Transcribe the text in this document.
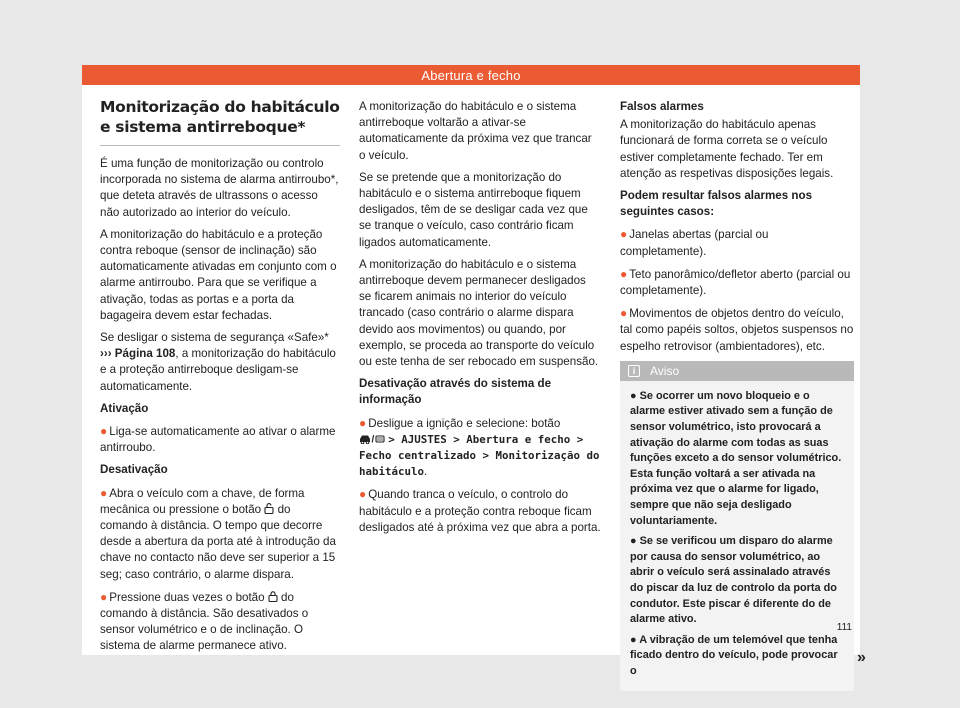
Abertura e fecho
Monitorização do habitáculo e sistema antirreboque*

É uma função de monitorização ou controlo incorporada no sistema de alarma antirroubo*, que deteta através de ultrassons o acesso não autorizado ao interior do veículo.

A monitorização do habitáculo e a proteção contra reboque (sensor de inclinação) são automaticamente ativadas em conjunto com o alarme antirroubo. Para que se verifique a ativação, todas as portas e a porta da bagageira devem estar fechadas.

Se desligar o sistema de segurança «Safe»* ››› Página 108, a monitorização do habitáculo e a proteção antirreboque desligam-se automaticamente.

Ativação

● Liga-se automaticamente ao ativar o alarme antirroubo.

Desativação

● Abra o veículo com a chave, de forma mecânica ou pressione o botão  do comando à distância. O tempo que decorre desde a abertura da porta até à introdução da chave no contacto não deve ser superior a 15 seg; caso contrário, o alarme dispara.

● Pressione duas vezes o botão  do comando à distância. São desativados o sensor volumétrico e o de inclinação. O sistema de alarme permanece ativo.

A monitorização do habitáculo e o sistema antirreboque voltarão a ativar-se automaticamente da próxima vez que trancar o veículo.

Se se pretende que a monitorização do habitáculo e o sistema antirreboque fiquem desligados, têm de se desligar cada vez que se tranque o veículo, caso contrário ficam ligados automaticamente.

A monitorização do habitáculo e o sistema antirreboque devem permanecer desligados se ficarem animais no interior do veículo trancado (caso contrário o alarme dispara devido aos movimentos) ou quando, por exemplo, se proceda ao transporte do veículo ou este tenha de ser rebocado em suspensão.

Desativação através do sistema de informação

● Desligue a ignição e selecione: botão

/ > AJUSTES > Abertura e fecho > Fecho centralizado > Monitorização do habitáculo.

● Quando tranca o veículo, o controlo do habitáculo e a proteção contra reboque ficam desligados até à próxima vez que abra a porta.

Falsos alarmes

A monitorização do habitáculo apenas funcionará de forma correta se o veículo estiver completamente fechado. Ter em atenção as respetivas disposições legais.

Podem resultar falsos alarmes nos seguintes casos:

● Janelas abertas (parcial ou completamente).

● Teto panorâmico/defletor aberto (parcial ou completamente).

● Movimentos de objetos dentro do veículo, tal como papéis soltos, objetos suspensos no espelho retrovisor (ambientadores), etc.

i	Aviso

● Se ocorrer um novo bloqueio e o alarme estiver ativado sem a função de sensor volumétrico, isto provocará a ativação do alarme com todas as suas funções exceto a do sensor volumétrico. Esta função voltará a ser ativada na próxima vez que o alarme for ligado, sempre que não seja desligado voluntariamente.

● Se se verificou um disparo do alarme por causa do sensor volumétrico, ao abrir o veículo será assinalado através do piscar da luz de controlo da porta do condutor. Este piscar é diferente do de alarme ativo.

● A vibração de um telemóvel que tenha ficado dentro do veículo, pode provocar o

»
111
